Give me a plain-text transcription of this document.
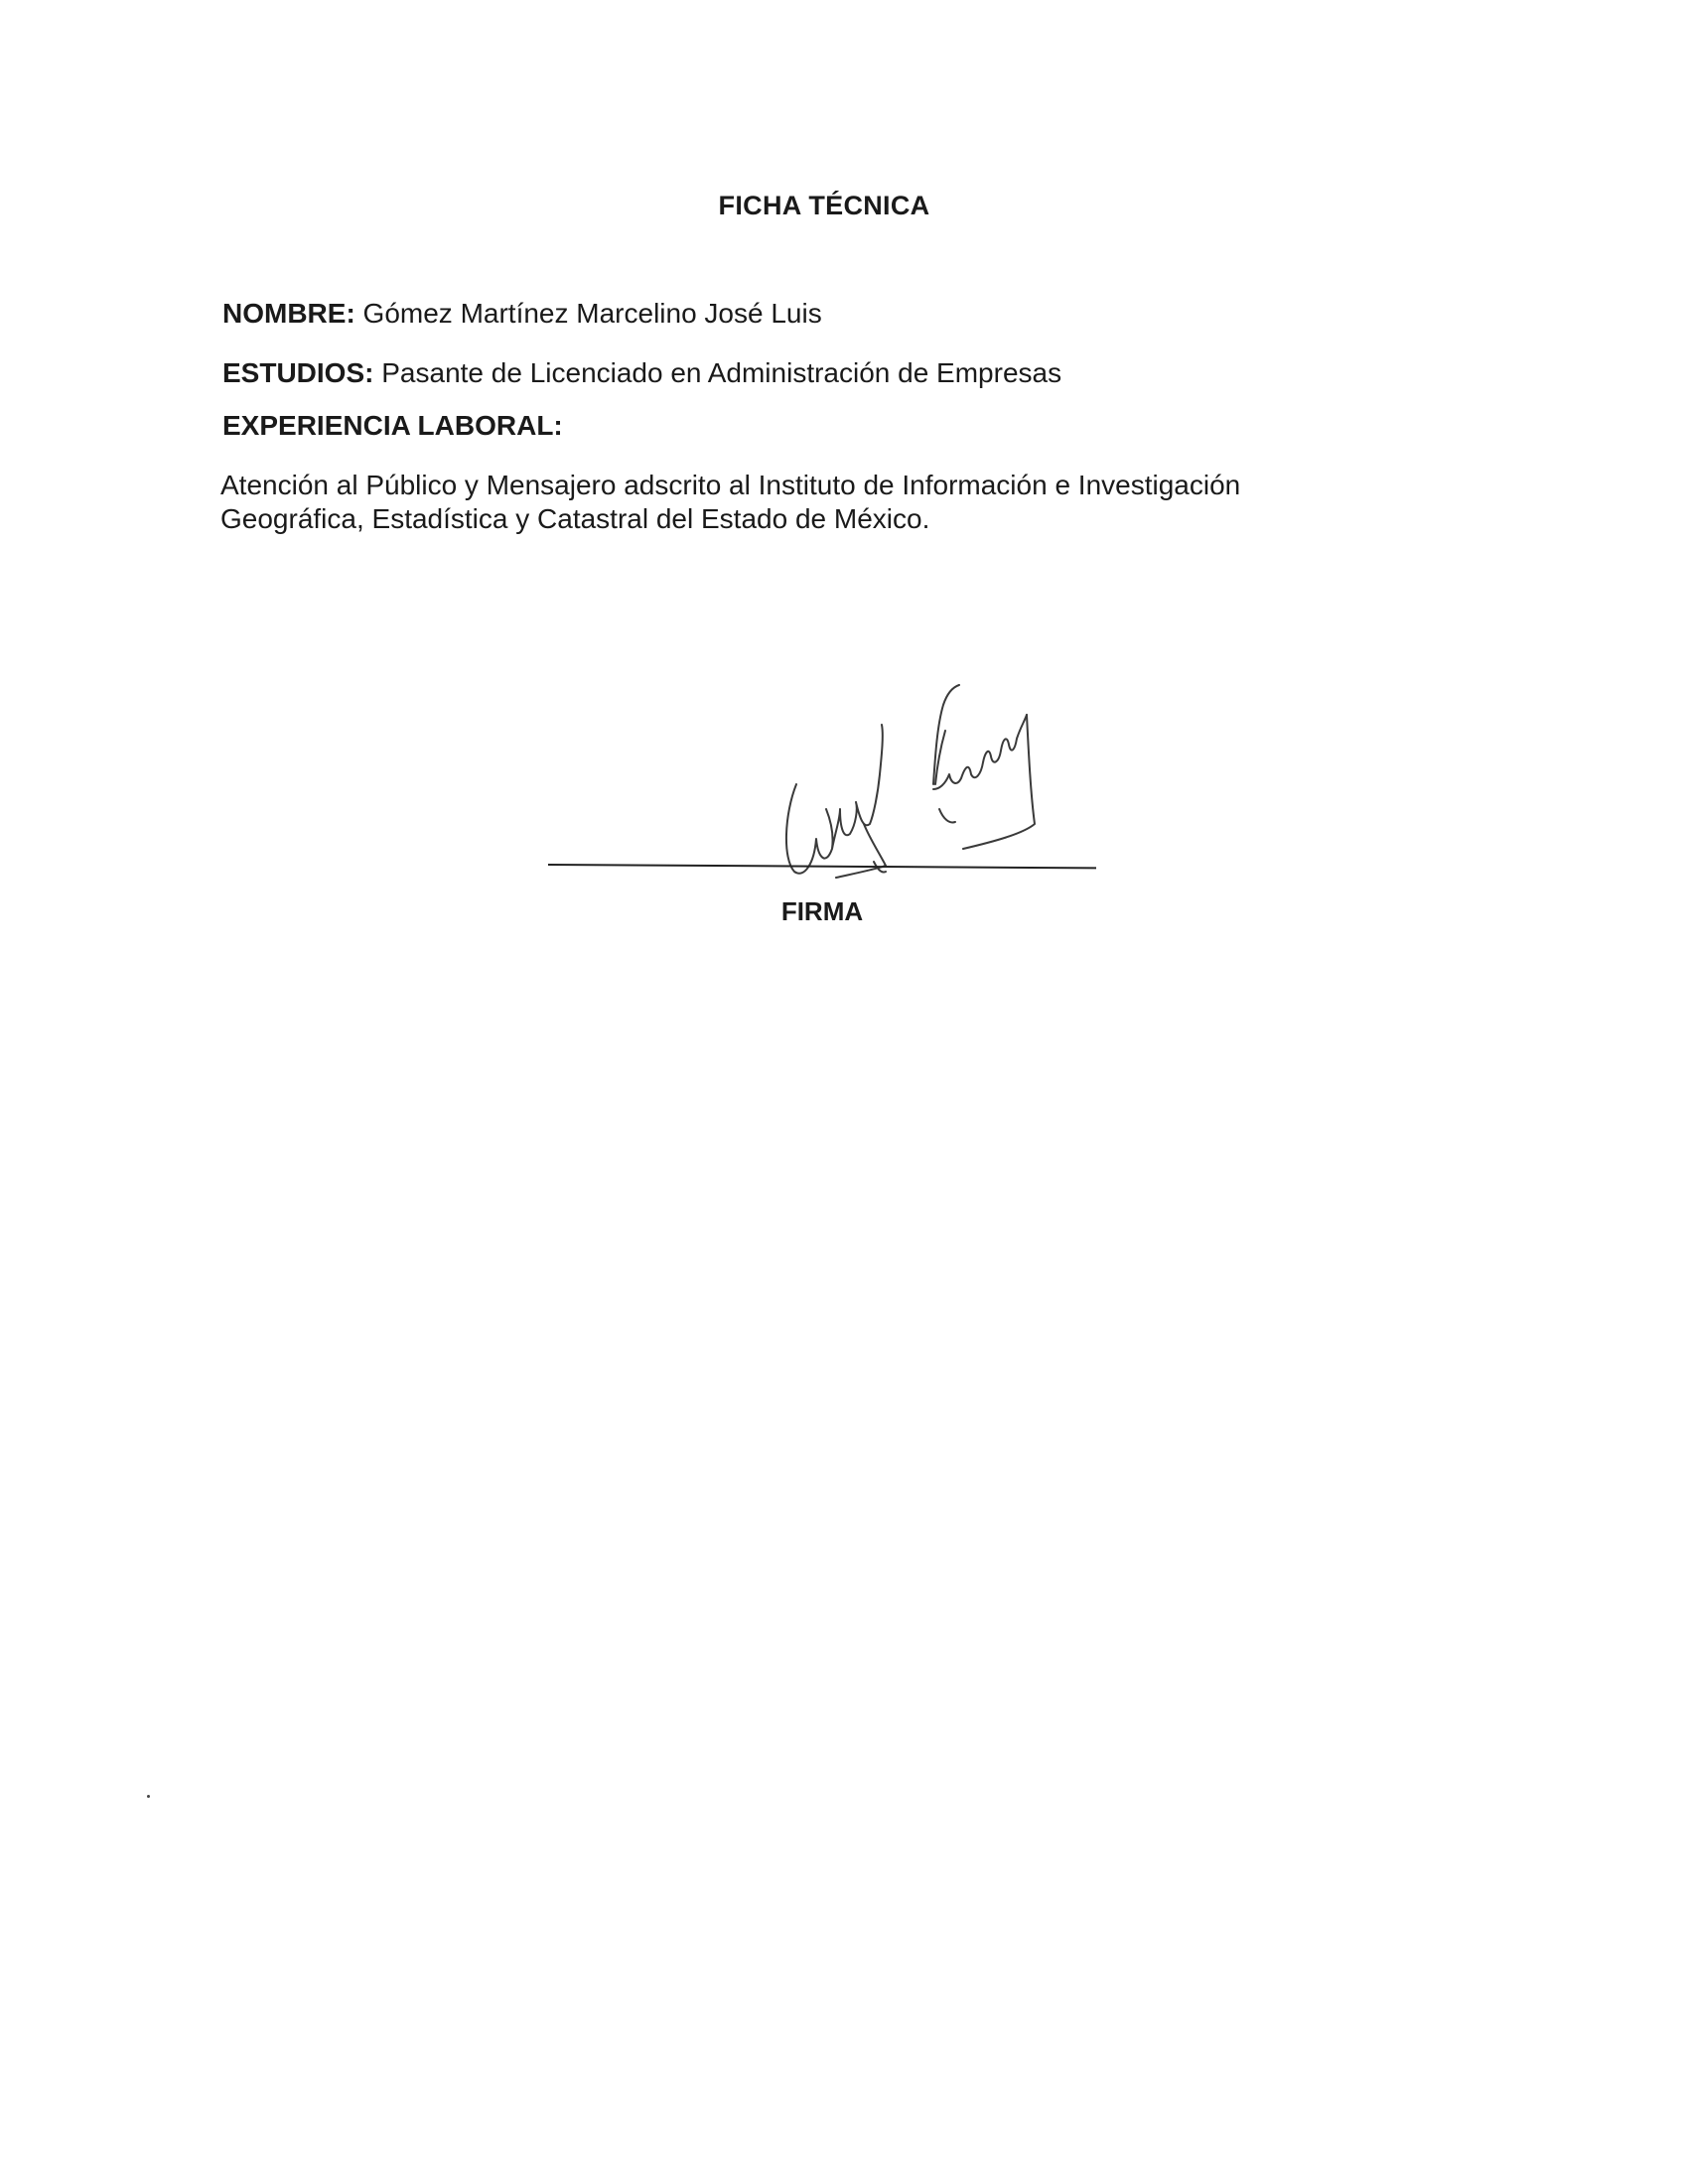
FICHA TÉCNICA
NOMBRE: Gómez Martínez Marcelino José Luis
ESTUDIOS: Pasante de Licenciado en Administración de Empresas
EXPERIENCIA LABORAL:
Atención al Público y Mensajero adscrito al Instituto de Información e Investigación Geográfica, Estadística y Catastral del Estado de México.
FIRMA
